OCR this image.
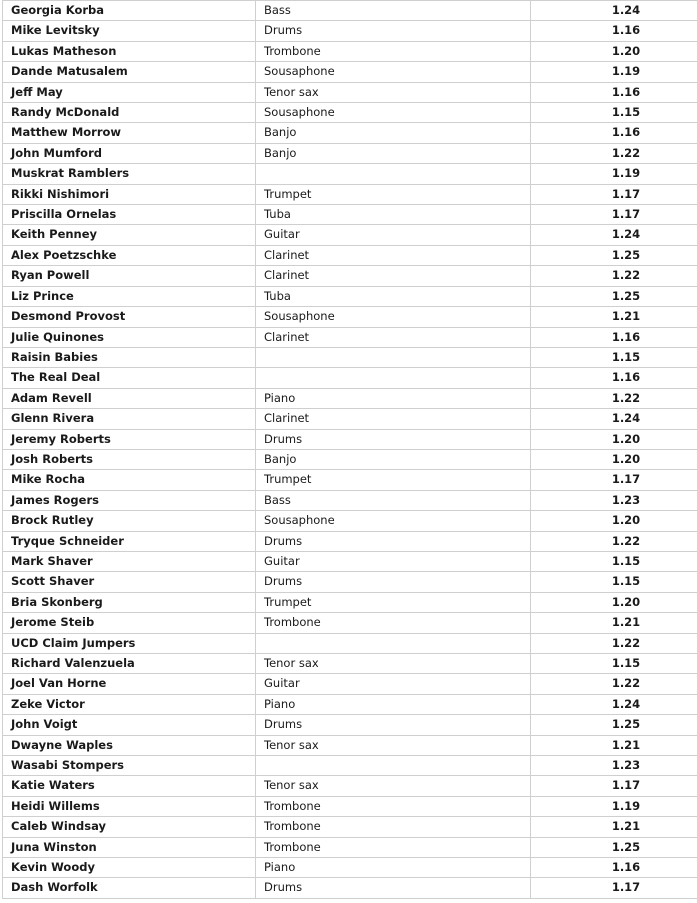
Georgia Korba	Bass	1.24
Mike Levitsky	Drums	1.16
Lukas Matheson	Trombone	1.20
Dande Matusalem	Sousaphone	1.19
Jeff May	Tenor sax	1.16
Randy McDonald	Sousaphone	1.15
Matthew Morrow	Banjo	1.16
John Mumford	Banjo	1.22
Muskrat Ramblers		1.19
Rikki Nishimori	Trumpet	1.17
Priscilla Ornelas	Tuba	1.17
Keith Penney	Guitar	1.24
Alex Poetzschke	Clarinet	1.25
Ryan Powell	Clarinet	1.22
Liz Prince	Tuba	1.25
Desmond Provost	Sousaphone	1.21
Julie Quinones	Clarinet	1.16
Raisin Babies		1.15
The Real Deal		1.16
Adam Revell	Piano	1.22
Glenn Rivera	Clarinet	1.24
Jeremy Roberts	Drums	1.20
Josh Roberts	Banjo	1.20
Mike Rocha	Trumpet	1.17
James Rogers	Bass	1.23
Brock Rutley	Sousaphone	1.20
Tryque Schneider	Drums	1.22
Mark Shaver	Guitar	1.15
Scott Shaver	Drums	1.15
Bria Skonberg	Trumpet	1.20
Jerome Steib	Trombone	1.21
UCD Claim Jumpers		1.22
Richard Valenzuela	Tenor sax	1.15
Joel Van Horne	Guitar	1.22
Zeke Victor	Piano	1.24
John Voigt	Drums	1.25
Dwayne Waples	Tenor sax	1.21
Wasabi Stompers		1.23
Katie Waters	Tenor sax	1.17
Heidi Willems	Trombone	1.19
Caleb Windsay	Trombone	1.21
Juna Winston	Trombone	1.25
Kevin Woody	Piano	1.16
Dash Worfolk	Drums	1.17
